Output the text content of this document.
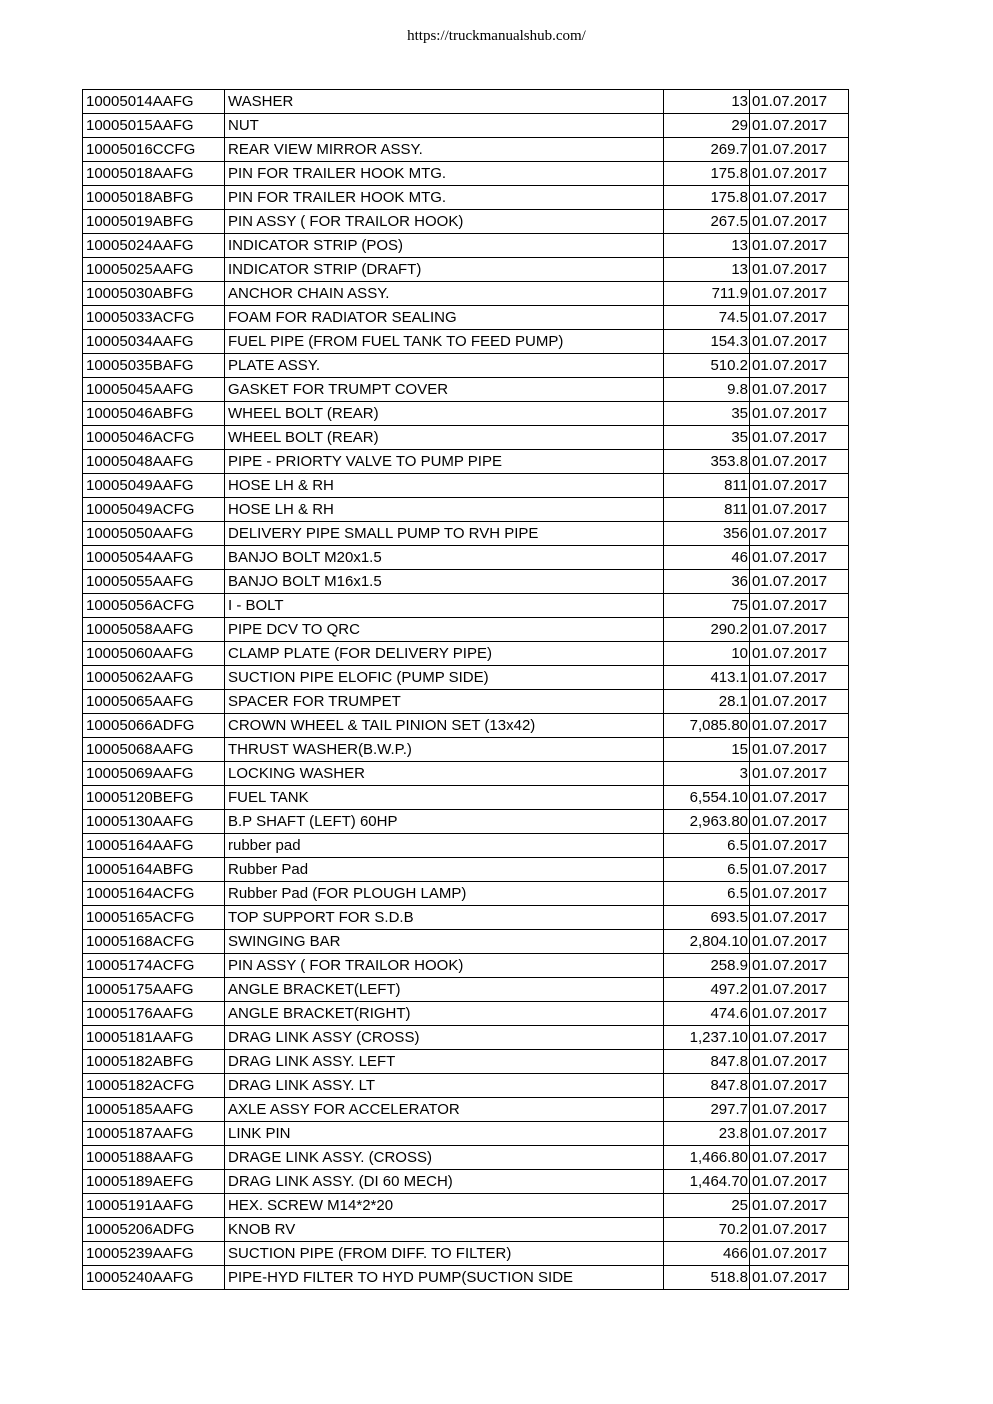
https://truckmanualshub.com/
10005014AAFG	WASHER	13	01.07.2017
10005015AAFG	NUT	29	01.07.2017
10005016CCFG	REAR VIEW MIRROR ASSY.	269.7	01.07.2017
10005018AAFG	PIN FOR TRAILER HOOK MTG.	175.8	01.07.2017
10005018ABFG	PIN FOR TRAILER HOOK MTG.	175.8	01.07.2017
10005019ABFG	PIN ASSY ( FOR TRAILOR HOOK)	267.5	01.07.2017
10005024AAFG	INDICATOR STRIP (POS)	13	01.07.2017
10005025AAFG	INDICATOR STRIP (DRAFT)	13	01.07.2017
10005030ABFG	ANCHOR CHAIN ASSY.	711.9	01.07.2017
10005033ACFG	FOAM FOR RADIATOR SEALING	74.5	01.07.2017
10005034AAFG	FUEL PIPE (FROM FUEL TANK TO FEED PUMP)	154.3	01.07.2017
10005035BAFG	PLATE ASSY.	510.2	01.07.2017
10005045AAFG	GASKET FOR TRUMPT COVER	9.8	01.07.2017
10005046ABFG	WHEEL BOLT (REAR)	35	01.07.2017
10005046ACFG	WHEEL BOLT (REAR)	35	01.07.2017
10005048AAFG	PIPE - PRIORTY VALVE TO PUMP PIPE	353.8	01.07.2017
10005049AAFG	HOSE LH & RH	811	01.07.2017
10005049ACFG	HOSE LH & RH	811	01.07.2017
10005050AAFG	DELIVERY PIPE SMALL PUMP TO RVH PIPE	356	01.07.2017
10005054AAFG	BANJO BOLT M20x1.5	46	01.07.2017
10005055AAFG	BANJO BOLT M16x1.5	36	01.07.2017
10005056ACFG	I - BOLT	75	01.07.2017
10005058AAFG	PIPE DCV TO QRC	290.2	01.07.2017
10005060AAFG	CLAMP PLATE (FOR DELIVERY PIPE)	10	01.07.2017
10005062AAFG	SUCTION PIPE ELOFIC (PUMP SIDE)	413.1	01.07.2017
10005065AAFG	SPACER FOR TRUMPET	28.1	01.07.2017
10005066ADFG	CROWN WHEEL & TAIL PINION SET (13x42)	7,085.80	01.07.2017
10005068AAFG	THRUST WASHER(B.W.P.)	15	01.07.2017
10005069AAFG	LOCKING WASHER	3	01.07.2017
10005120BEFG	FUEL TANK	6,554.10	01.07.2017
10005130AAFG	B.P SHAFT (LEFT) 60HP	2,963.80	01.07.2017
10005164AAFG	rubber pad	6.5	01.07.2017
10005164ABFG	Rubber Pad	6.5	01.07.2017
10005164ACFG	Rubber Pad (FOR PLOUGH LAMP)	6.5	01.07.2017
10005165ACFG	TOP SUPPORT FOR S.D.B	693.5	01.07.2017
10005168ACFG	SWINGING BAR	2,804.10	01.07.2017
10005174ACFG	PIN ASSY ( FOR TRAILOR HOOK)	258.9	01.07.2017
10005175AAFG	ANGLE BRACKET(LEFT)	497.2	01.07.2017
10005176AAFG	ANGLE BRACKET(RIGHT)	474.6	01.07.2017
10005181AAFG	DRAG LINK ASSY (CROSS)	1,237.10	01.07.2017
10005182ABFG	DRAG LINK ASSY. LEFT	847.8	01.07.2017
10005182ACFG	DRAG LINK ASSY. LT	847.8	01.07.2017
10005185AAFG	AXLE ASSY FOR ACCELERATOR	297.7	01.07.2017
10005187AAFG	LINK PIN	23.8	01.07.2017
10005188AAFG	DRAGE LINK ASSY. (CROSS)	1,466.80	01.07.2017
10005189AEFG	DRAG LINK ASSY. (DI 60 MECH)	1,464.70	01.07.2017
10005191AAFG	HEX. SCREW M14*2*20	25	01.07.2017
10005206ADFG	KNOB RV	70.2	01.07.2017
10005239AAFG	SUCTION PIPE (FROM DIFF. TO FILTER)	466	01.07.2017
10005240AAFG	PIPE-HYD FILTER TO HYD PUMP(SUCTION SIDE	518.8	01.07.2017
